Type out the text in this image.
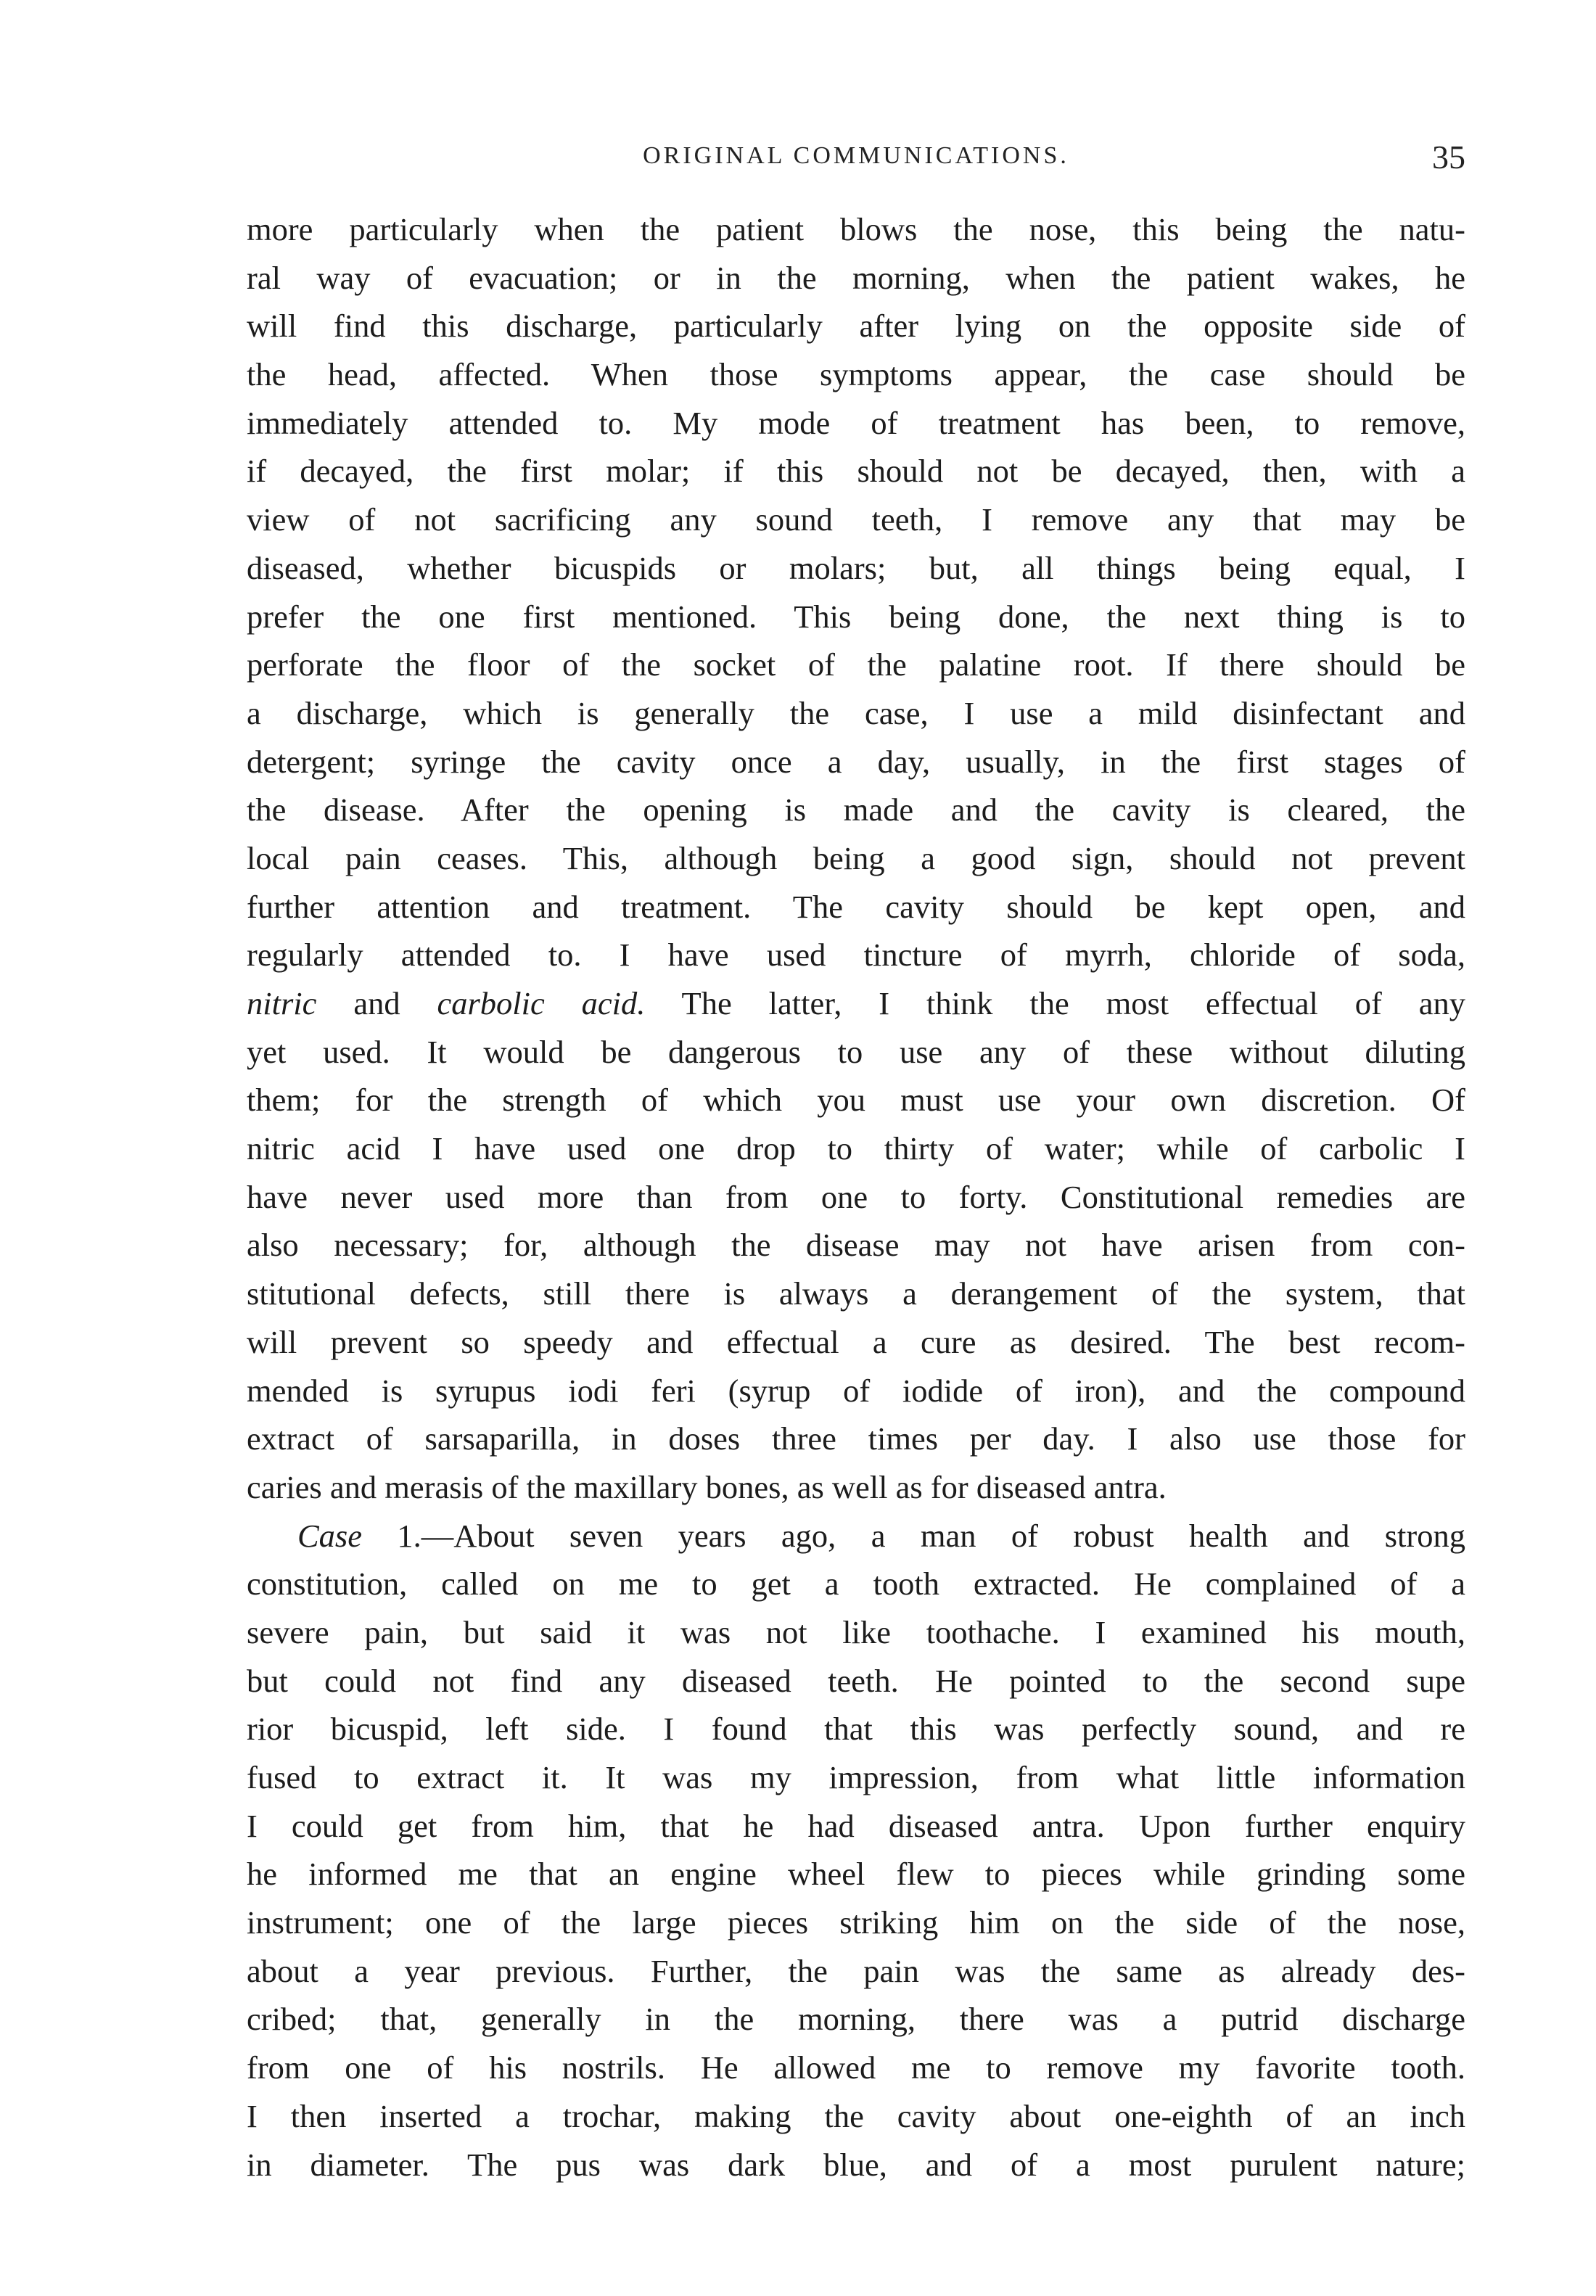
ORIGINAL COMMUNICATIONS.	35
more particularly when the patient blows the nose, this being the natu-
ral way of evacuation; or in the morning, when the patient wakes, he
will find this discharge, particularly after lying on the opposite side of
the head, affected. When those symptoms appear, the case should be
immediately attended to. My mode of treatment has been, to remove,
if decayed, the first molar; if this should not be decayed, then, with a
view of not sacrificing any sound teeth, I remove any that may be
diseased, whether bicuspids or molars; but, all things being equal, I
prefer the one first mentioned. This being done, the next thing is to
perforate the floor of the socket of the palatine root. If there should be
a discharge, which is generally the case, I use a mild disinfectant and
detergent; syringe the cavity once a day, usually, in the first stages of
the disease. After the opening is made and the cavity is cleared, the
local pain ceases. This, although being a good sign, should not prevent
further attention and treatment. The cavity should be kept open, and
regularly attended to. I have used tincture of myrrh, chloride of soda,
nitric and carbolic acid. The latter, I think the most effectual of any
yet used. It would be dangerous to use any of these without diluting
them; for the strength of which you must use your own discretion. Of
nitric acid I have used one drop to thirty of water; while of carbolic I
have never used more than from one to forty. Constitutional remedies are
also necessary; for, although the disease may not have arisen from con-
stitutional defects, still there is always a derangement of the system, that
will prevent so speedy and effectual a cure as desired. The best recom-
mended is syrupus iodi feri (syrup of iodide of iron), and the compound
extract of sarsaparilla, in doses three times per day. I also use those for
caries and merasis of the maxillary bones, as well as for diseased antra.
Case 1.—About seven years ago, a man of robust health and strong
constitution, called on me to get a tooth extracted. He complained of a
severe pain, but said it was not like toothache. I examined his mouth,
but could not find any diseased teeth. He pointed to the second supe
rior bicuspid, left side. I found that this was perfectly sound, and re
fused to extract it. It was my impression, from what little information
I could get from him, that he had diseased antra. Upon further enquiry
he informed me that an engine wheel flew to pieces while grinding some
instrument; one of the large pieces striking him on the side of the nose,
about a year previous. Further, the pain was the same as already des-
cribed; that, generally in the morning, there was a putrid discharge
from one of his nostrils. He allowed me to remove my favorite tooth.
I then inserted a trochar, making the cavity about one-eighth of an inch
in diameter. The pus was dark blue, and of a most purulent nature;
